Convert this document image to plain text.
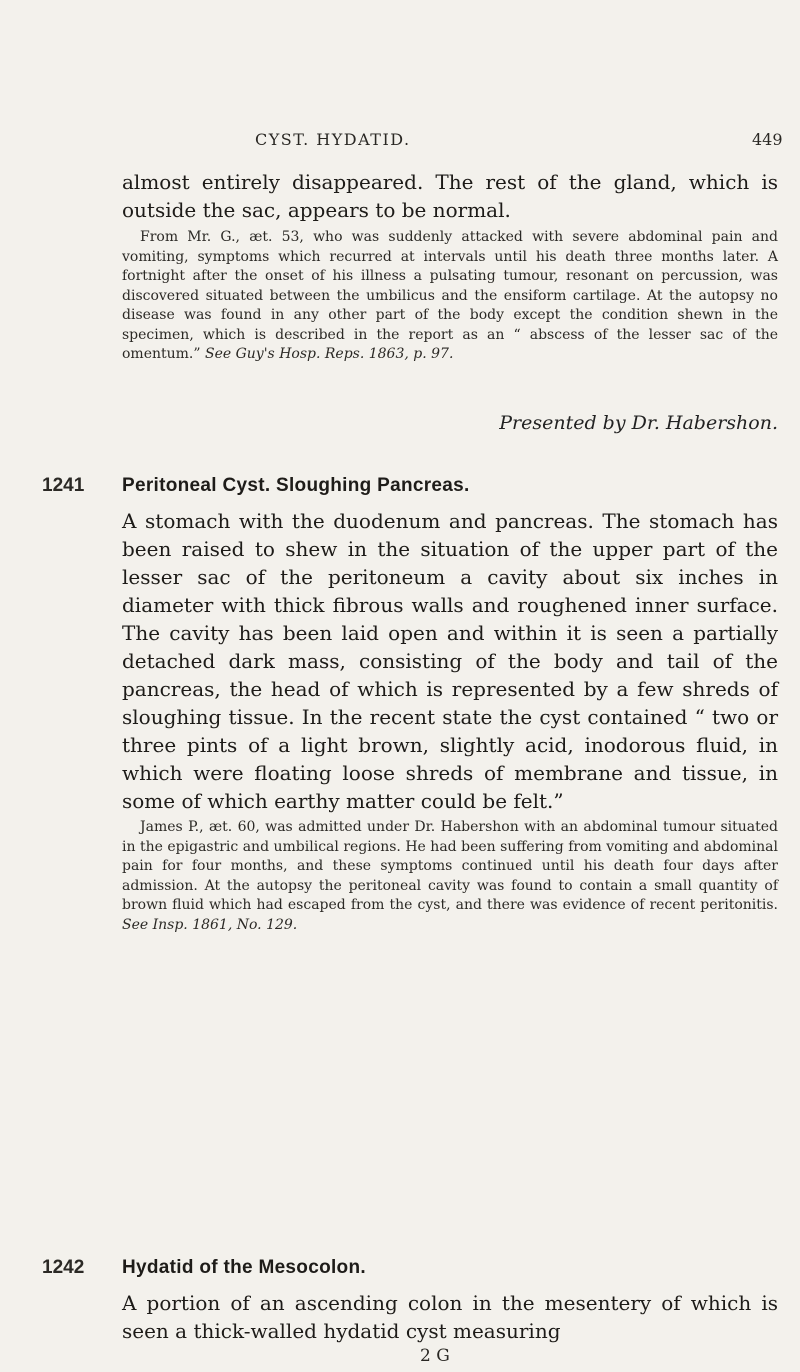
CYST. HYDATID.	449
almost entirely disappeared. The rest of the gland, which is outside the sac, appears to be normal.

From Mr. G., æt. 53, who was suddenly attacked with severe abdominal pain and vomiting, symptoms which recurred at intervals until his death three months later. A fortnight after the onset of his illness a pulsating tumour, resonant on percussion, was discovered situated between the umbilicus and the ensiform cartilage. At the autopsy no disease was found in any other part of the body except the condition shewn in the specimen, which is described in the report as an “ abscess of the lesser sac of the omentum.” See Guy's Hosp. Reps. 1863, p. 97.

Presented by Dr. Habershon.
1241 Peritoneal Cyst. Sloughing Pancreas.

A stomach with the duodenum and pancreas. The stomach has been raised to shew in the situation of the upper part of the lesser sac of the peritoneum a cavity about six inches in diameter with thick fibrous walls and roughened inner surface. The cavity has been laid open and within it is seen a partially detached dark mass, consisting of the body and tail of the pancreas, the head of which is represented by a few shreds of sloughing tissue. In the recent state the cyst contained “ two or three pints of a light brown, slightly acid, inodorous fluid, in which were floating loose shreds of membrane and tissue, in some of which earthy matter could be felt.”

James P., æt. 60, was admitted under Dr. Habershon with an abdominal tumour situated in the epigastric and umbilical regions. He had been suffering from vomiting and abdominal pain for four months, and these symptoms continued until his death four days after admission. At the autopsy the peritoneal cavity was found to contain a small quantity of brown fluid which had escaped from the cyst, and there was evidence of recent peritonitis. See Insp. 1861, No. 129.

1242 Hydatid of the Mesocolon.
A portion of an ascending colon in the mesentery of which is seen a thick-walled hydatid cyst measuring
2 G
